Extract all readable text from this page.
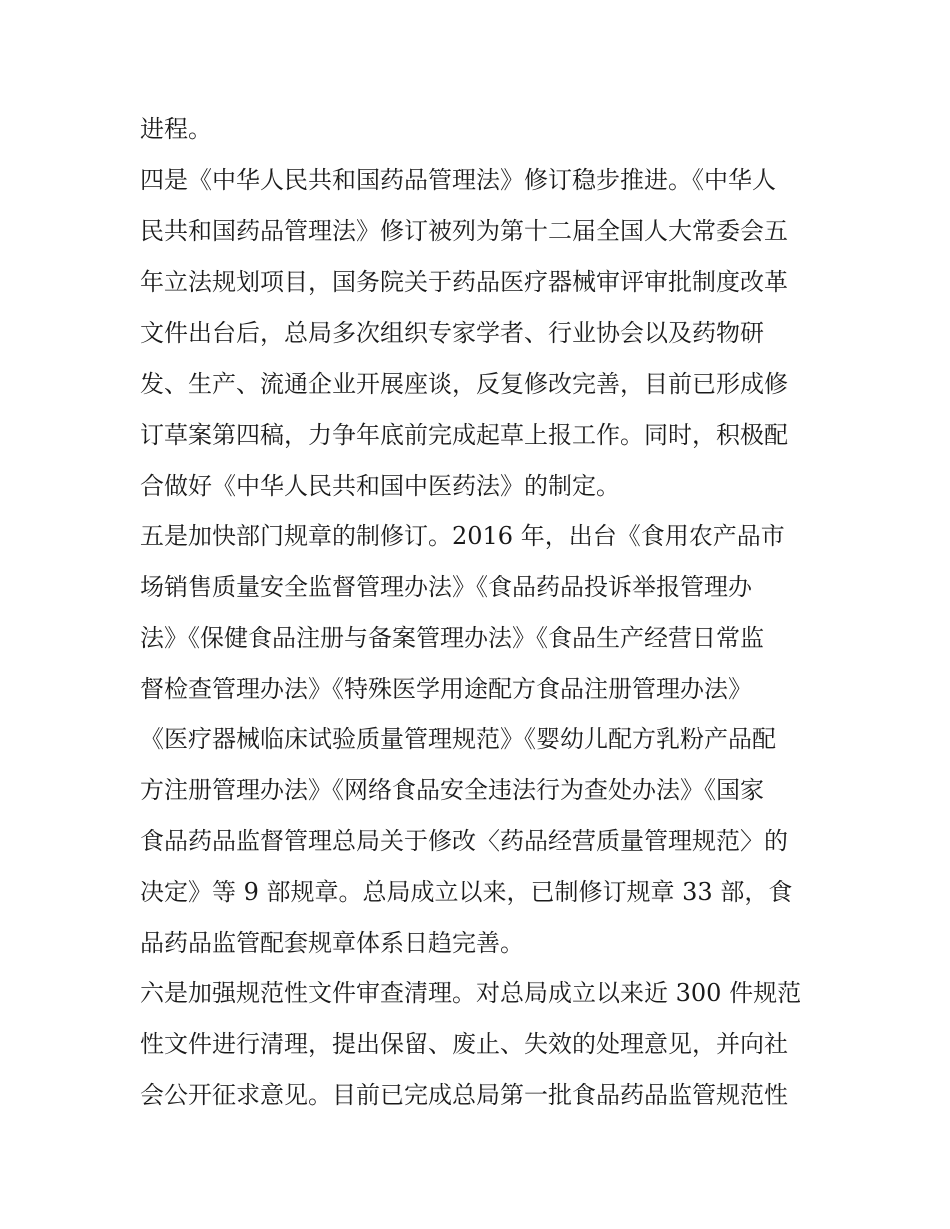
进程。
四是《中华人民共和国药品管理法》修订稳步推进。《中华人
民共和国药品管理法》修订被列为第十二届全国人大常委会五
年立法规划项目，国务院关于药品医疗器械审评审批制度改革
文件出台后，总局多次组织专家学者、行业协会以及药物研
发、生产、流通企业开展座谈，反复修改完善，目前已形成修
订草案第四稿，力争年底前完成起草上报工作。同时，积极配
合做好《中华人民共和国中医药法》的制定。
五是加快部门规章的制修订。2016 年，出台《食用农产品市
场销售质量安全监督管理办法》《食品药品投诉举报管理办
法》《保健食品注册与备案管理办法》《食品生产经营日常监
督检查管理办法》《特殊医学用途配方食品注册管理办法》
《医疗器械临床试验质量管理规范》《婴幼儿配方乳粉产品配
方注册管理办法》《网络食品安全违法行为查处办法》《国家
食品药品监督管理总局关于修改〈药品经营质量管理规范〉的
决定》等 9 部规章。总局成立以来，已制修订规章 33 部，食
品药品监管配套规章体系日趋完善。
六是加强规范性文件审查清理。对总局成立以来近 300 件规范
性文件进行清理，提出保留、废止、失效的处理意见，并向社
会公开征求意见。目前已完成总局第一批食品药品监管规范性
